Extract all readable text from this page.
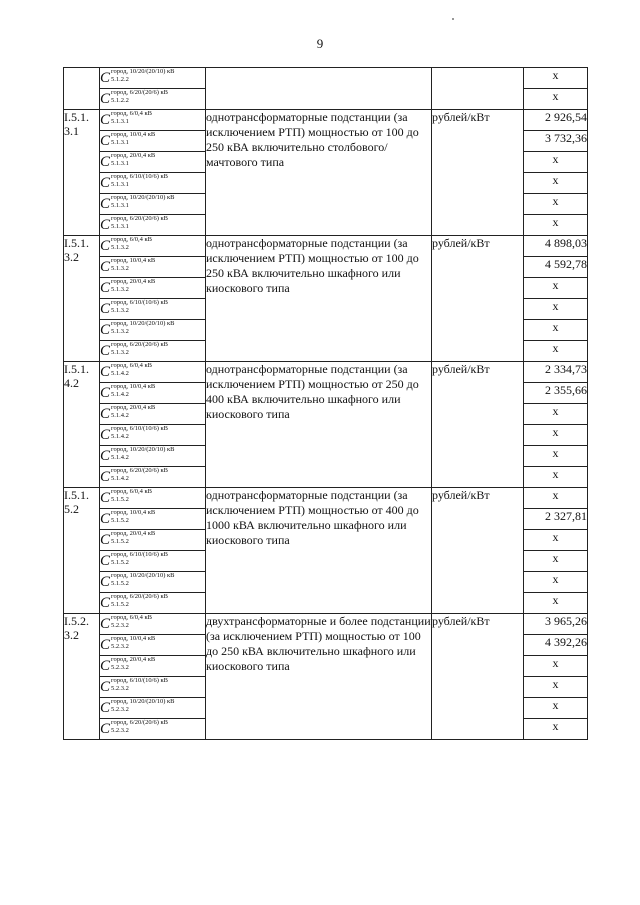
9
	C город, 10/20/(20/10) кВ
5.1.2.2			x
	C город, 6/20/(20/6) кВ
5.1.2.2			x
I.5.1. 3.1	C город, 6/0,4 кВ
5.1.3.1	однотрансформаторные подстанции (за исключением РТП) мощностью от 100 до 250 кВА включительно столбового/мачтового типа	рублей/кВт	2 926,54
	C город, 10/0,4 кВ
5.1.3.1			3 732,36
	C город, 20/0,4 кВ
5.1.3.1			x
	C город, 6/10/(10/6) кВ
5.1.3.1			x
	C город, 10/20/(20/10) кВ
5.1.3.1			x
	C город, 6/20/(20/6) кВ
5.1.3.1			x
I.5.1. 3.2	C город, 6/0,4 кВ
5.1.3.2	однотрансформаторные подстанции (за исключением РТП) мощностью от 100 до 250 кВА включительно шкафного или киоскового типа	рублей/кВт	4 898,03
	C город, 10/0,4 кВ
5.1.3.2			4 592,78
	C город, 20/0,4 кВ
5.1.3.2			x
	C город, 6/10/(10/6) кВ
5.1.3.2			x
	C город, 10/20/(20/10) кВ
5.1.3.2			x
	C город, 6/20/(20/6) кВ
5.1.3.2			x
I.5.1. 4.2	C город, 6/0,4 кВ
5.1.4.2	однотрансформаторные подстанции (за исключением РТП) мощностью от 250 до 400 кВА включительно шкафного или киоскового типа	рублей/кВт	2 334,73
	C город, 10/0,4 кВ
5.1.4.2			2 355,66
	C город, 20/0,4 кВ
5.1.4.2			x
	C город, 6/10/(10/6) кВ
5.1.4.2			x
	C город, 10/20/(20/10) кВ
5.1.4.2			x
	C город, 6/20/(20/6) кВ
5.1.4.2			x
I.5.1. 5.2	C город, 6/0,4 кВ
5.1.5.2	однотрансформаторные подстанции (за исключением РТП) мощностью от 400 до 1000 кВА включительно шкафного или киоскового типа	рублей/кВт	x
	C город, 10/0,4 кВ
5.1.5.2			2 327,81
	C город, 20/0,4 кВ
5.1.5.2			x
	C город, 6/10/(10/6) кВ
5.1.5.2			x
	C город, 10/20/(20/10) кВ
5.1.5.2			x
	C город, 6/20/(20/6) кВ
5.1.5.2			x
I.5.2. 3.2	C город, 6/0,4 кВ
5.2.3.2	двухтрансформаторные и более подстанции (за исключением РТП) мощностью от 100 до 250 кВА включительно шкафного или киоскового типа	рублей/кВт	3 965,26
	C город, 10/0,4 кВ
5.2.3.2			4 392,26
	C город, 20/0,4 кВ
5.2.3.2			x
	C город, 6/10/(10/6) кВ
5.2.3.2			x
	C город, 10/20/(20/10) кВ
5.2.3.2			x
	C город, 6/20/(20/6) кВ
5.2.3.2			x
